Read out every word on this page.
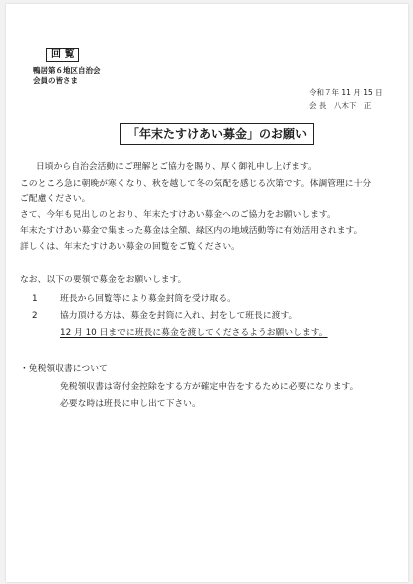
回 覧
鴨居第６地区自治会
会員の皆さま
令和７年 11 月 15 日
会 長　八木下　正
「年末たすけあい募金」のお願い
日頃から自治会活動にご理解とご協力を賜り、厚く御礼申し上げます。
このところ急に朝晩が寒くなり、秋を越して冬の気配を感じる次第です。体調管理に十分
ご配慮ください。
さて、今年も見出しのとおり、年末たすけあい募金へのご協力をお願いします。
年末たすけあい募金で集まった募金は全額、緑区内の地域活動等に有効活用されます。
詳しくは、年末たすけあい募金の回覧をご覧ください。
なお、以下の要領で募金をお願いします。
1	班長から回覧等により募金封筒を受け取る。
2	協力頂ける方は、募金を封筒に入れ、封をして班長に渡す。
12 月 10 日までに班長に募金を渡してくださるようお願いします。
・免税領収書について
免税領収書は寄付金控除をする方が確定申告をするために必要になります。
必要な時は班長に申し出て下さい。
